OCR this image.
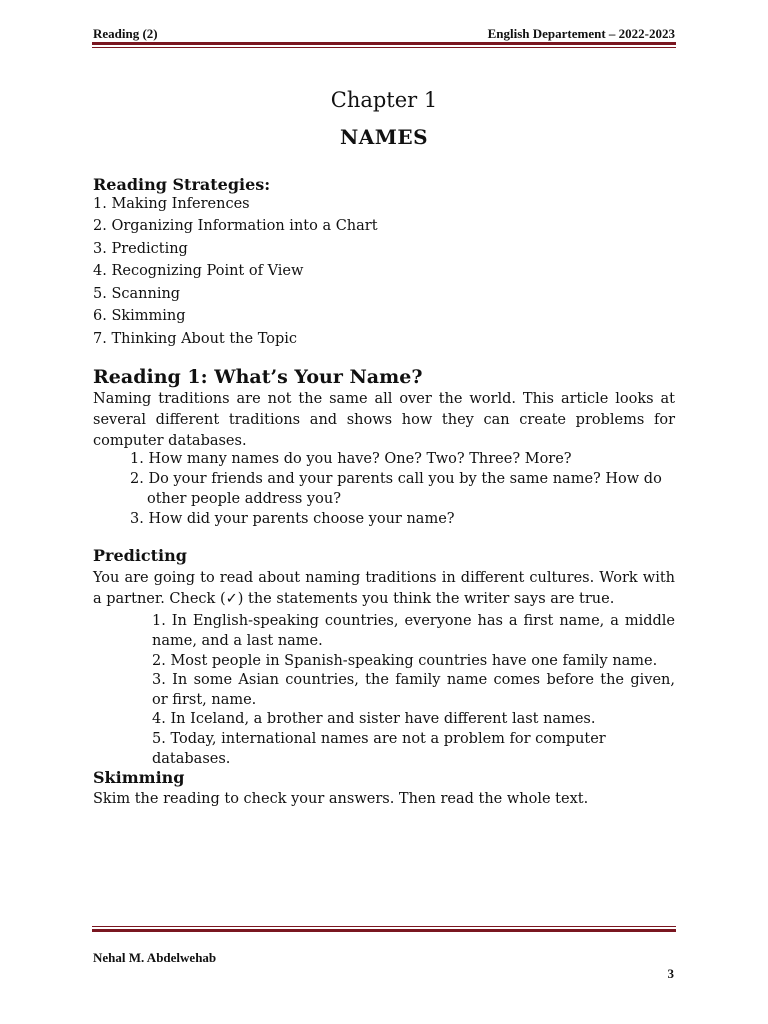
Reading (2)	English Departement – 2022-2023
Chapter 1
NAMES
Reading Strategies:
1. Making Inferences
2. Organizing Information into a Chart
3. Predicting
4. Recognizing Point of View
5. Scanning
6. Skimming
7. Thinking About the Topic
Reading 1: What’s Your Name?
Naming traditions are not the same all over the world. This article looks at several different traditions and shows how they can create problems for computer databases.
1. How many names do you have? One? Two? Three? More?
2. Do your friends and your parents call you by the same name? How do other people address you?
3. How did your parents choose your name?
Predicting
You are going to read about naming traditions in different cultures. Work with a partner. Check (✓) the statements you think the writer says are true.
1. In English-speaking countries, everyone has a first name, a middle name, and a last name.
2. Most people in Spanish-speaking countries have one family name.
3. In some Asian countries, the family name comes before the given, or first, name.
4. In Iceland, a brother and sister have different last names.
5. Today, international names are not a problem for computer databases.
Skimming
Skim the reading to check your answers. Then read the whole text.
Nehal M. Abdelwehab
3
